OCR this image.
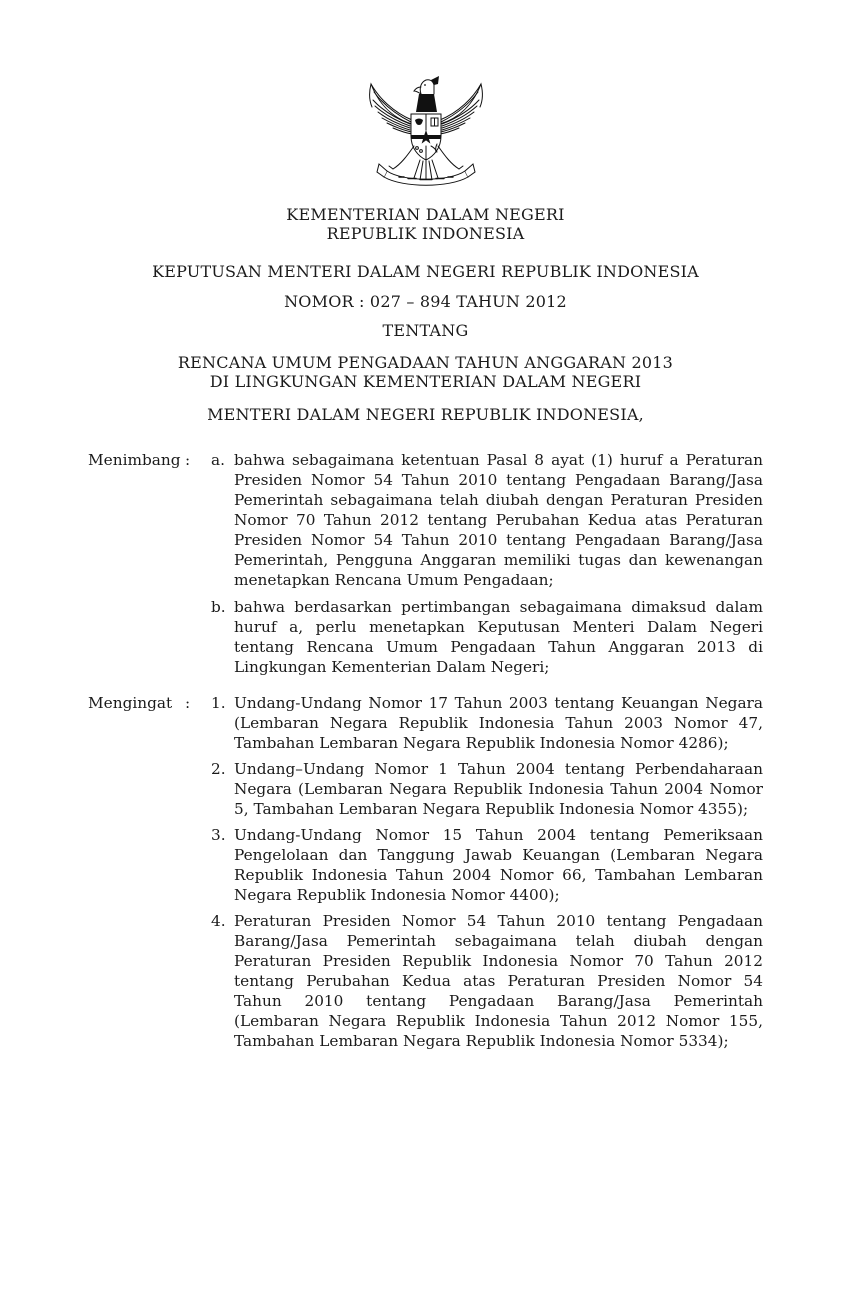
KEMENTERIAN DALAM NEGERI
REPUBLIK INDONESIA
KEPUTUSAN MENTERI DALAM NEGERI REPUBLIK INDONESIA
NOMOR : 027 – 894 TAHUN 2012
TENTANG
RENCANA UMUM PENGADAAN TAHUN ANGGARAN 2013
DI LINGKUNGAN KEMENTERIAN DALAM NEGERI
MENTERI DALAM NEGERI REPUBLIK INDONESIA,
Menimbang :	a. bahwa sebagaimana ketentuan Pasal 8 ayat (1) huruf a Peraturan Presiden Nomor 54 Tahun 2010 tentang Pengadaan Barang/Jasa Pemerintah sebagaimana telah diubah dengan Peraturan Presiden Nomor 70 Tahun 2012 tentang Perubahan Kedua atas Peraturan Presiden Nomor 54 Tahun 2010 tentang Pengadaan Barang/Jasa Pemerintah, Pengguna Anggaran memiliki tugas dan kewenangan menetapkan Rencana Umum Pengadaan;
b. bahwa berdasarkan pertimbangan sebagaimana dimaksud dalam huruf a, perlu menetapkan Keputusan Menteri Dalam Negeri tentang Rencana Umum Pengadaan Tahun Anggaran 2013 di Lingkungan Kementerian Dalam Negeri;
Mengingat :	1. Undang-Undang Nomor 17 Tahun 2003 tentang Keuangan Negara (Lembaran Negara Republik Indonesia Tahun 2003 Nomor 47, Tambahan Lembaran Negara Republik Indonesia Nomor 4286);
2. Undang–Undang Nomor 1 Tahun 2004 tentang Perbendaharaan Negara (Lembaran Negara Republik Indonesia Tahun 2004 Nomor 5, Tambahan Lembaran Negara Republik Indonesia Nomor 4355);
3. Undang-Undang Nomor 15 Tahun 2004 tentang Pemeriksaan Pengelolaan dan Tanggung Jawab Keuangan (Lembaran Negara Republik Indonesia Tahun 2004 Nomor 66, Tambahan Lembaran Negara Republik Indonesia Nomor 4400);
4. Peraturan Presiden Nomor 54 Tahun 2010 tentang Pengadaan Barang/Jasa Pemerintah sebagaimana telah diubah dengan Peraturan Presiden Republik Indonesia Nomor 70 Tahun 2012 tentang Perubahan Kedua atas Peraturan Presiden Nomor 54 Tahun 2010 tentang Pengadaan Barang/Jasa Pemerintah (Lembaran Negara Republik Indonesia Tahun 2012 Nomor 155, Tambahan Lembaran Negara Republik Indonesia Nomor 5334);
